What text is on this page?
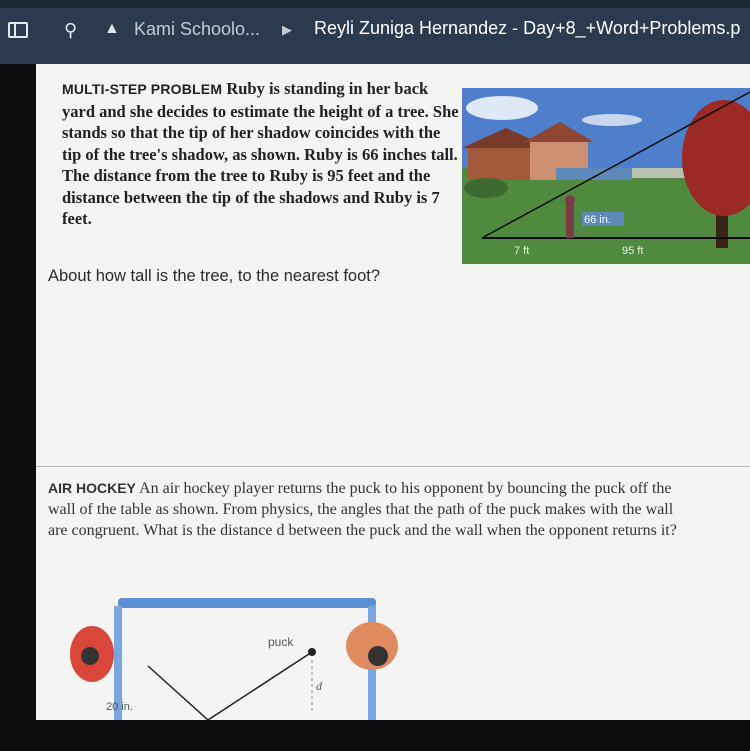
⚲ ▲ Kami Schoolo... ▶ Reyli Zuniga Hernandez - Day+8_+Word+Problems.p
MULTI-STEP PROBLEM Ruby is standing in her back yard and she decides to estimate the height of a tree. She stands so that the tip of her shadow coincides with the tip of the tree's shadow, as shown. Ruby is 66 inches tall. The distance from the tree to Ruby is 95 feet and the distance between the tip of the shadows and Ruby is 7 feet.	66 in.
7 ft	95 ft
About how tall is the tree, to the nearest foot?
AIR HOCKEY An air hockey player returns the puck to his opponent by bouncing the puck off the wall of the table as shown. From physics, the angles that the path of the puck makes with the wall are congruent. What is the distance d between the puck and the wall when the opponent returns it?
puck
d
20 in.
